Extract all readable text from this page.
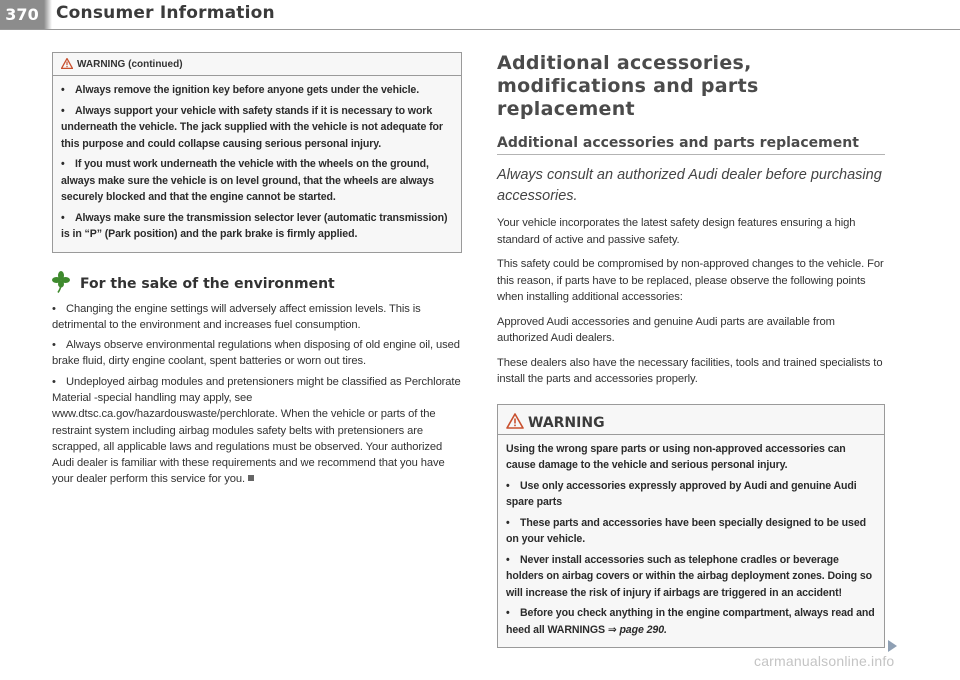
370	Consumer Information
WARNING (continued)

• Always remove the ignition key before anyone gets under the vehicle.

• Always support your vehicle with safety stands if it is necessary to work underneath the vehicle. The jack supplied with the vehicle is not adequate for this purpose and could collapse causing serious personal injury.

• If you must work underneath the vehicle with the wheels on the ground, always make sure the vehicle is on level ground, that the wheels are always securely blocked and that the engine cannot be started.

• Always make sure the transmission selector lever (automatic transmission) is in “P” (Park position) and the park brake is firmly applied.

For the sake of the environment

• Changing the engine settings will adversely affect emission levels. This is detrimental to the environment and increases fuel consumption.

• Always observe environmental regulations when disposing of old engine oil, used brake fluid, dirty engine coolant, spent batteries or worn out tires.

• Undeployed airbag modules and pretensioners might be classified as Perchlorate Material -special handling may apply, see www.dtsc.ca.gov/hazardouswaste/perchlorate. When the vehicle or parts of the restraint system including airbag modules safety belts with pretensioners are scrapped, all applicable laws and regulations must be observed. Your authorized Audi dealer is familiar with these requirements and we recommend that you have your dealer perform this service for you.

Additional accessories, modifications and parts replacement
Additional accessories and parts replacement
Always consult an authorized Audi dealer before purchasing accessories.

Your vehicle incorporates the latest safety design features ensuring a high standard of active and passive safety.

This safety could be compromised by non-approved changes to the vehicle. For this reason, if parts have to be replaced, please observe the following points when installing additional accessories:

Approved Audi accessories and genuine Audi parts are available from authorized Audi dealers.

These dealers also have the necessary facilities, tools and trained specialists to install the parts and accessories properly.

WARNING

Using the wrong spare parts or using non-approved accessories can cause damage to the vehicle and serious personal injury.

• Use only accessories expressly approved by Audi and genuine Audi spare parts

• These parts and accessories have been specially designed to be used on your vehicle.

• Never install accessories such as telephone cradles or beverage holders on airbag covers or within the airbag deployment zones. Doing so will increase the risk of injury if airbags are triggered in an accident!

• Before you check anything in the engine compartment, always read and heed all WARNINGS ⇒ page 290.

carmanualsonline.info
